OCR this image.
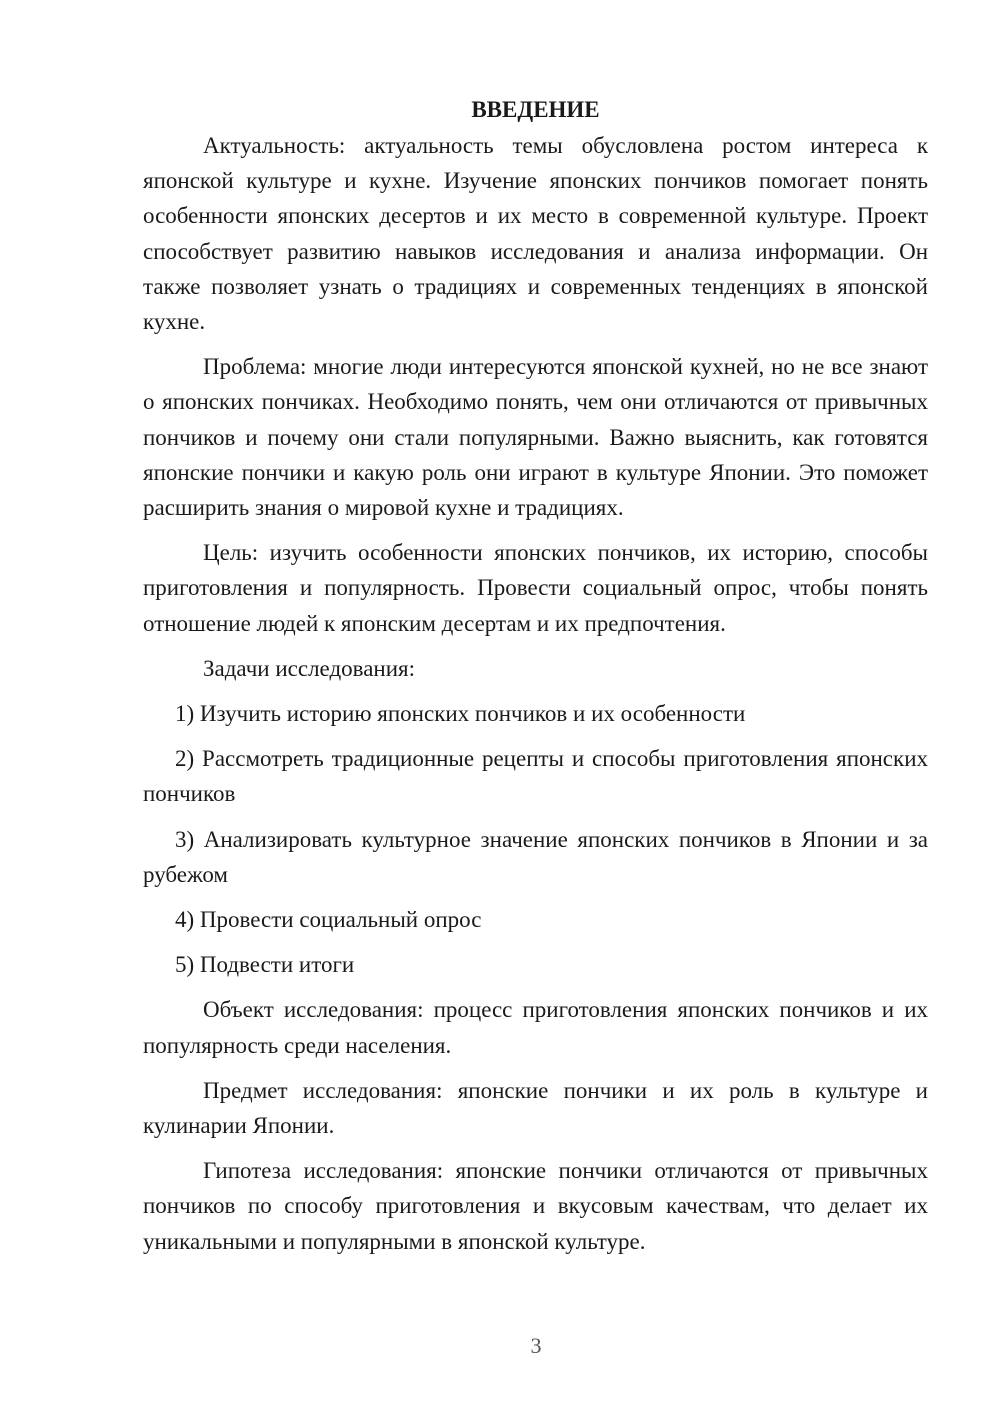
ВВЕДЕНИЕ

Актуальность: актуальность темы обусловлена ростом интереса к японской культуре и кухне. Изучение японских пончиков помогает понять особенности японских десертов и их место в современной культуре. Проект способствует развитию навыков исследования и анализа информации. Он также позволяет узнать о традициях и современных тенденциях в японской кухне.

Проблема: многие люди интересуются японской кухней, но не все знают о японских пончиках. Необходимо понять, чем они отличаются от привычных пончиков и почему они стали популярными. Важно выяснить, как готовятся японские пончики и какую роль они играют в культуре Японии. Это поможет расширить знания о мировой кухне и традициях.

Цель: изучить особенности японских пончиков, их историю, способы приготовления и популярность. Провести социальный опрос, чтобы понять отношение людей к японским десертам и их предпочтения.

Задачи исследования:

1) Изучить историю японских пончиков и их особенности

2) Рассмотреть традиционные рецепты и способы приготовления японских пончиков

3) Анализировать культурное значение японских пончиков в Японии и за рубежом

4) Провести социальный опрос

5) Подвести итоги

Объект исследования: процесс приготовления японских пончиков и их популярность среди населения.

Предмет исследования: японские пончики и их роль в культуре и кулинарии Японии.

Гипотеза исследования: японские пончики отличаются от привычных пончиков по способу приготовления и вкусовым качествам, что делает их уникальными и популярными в японской культуре.

3
